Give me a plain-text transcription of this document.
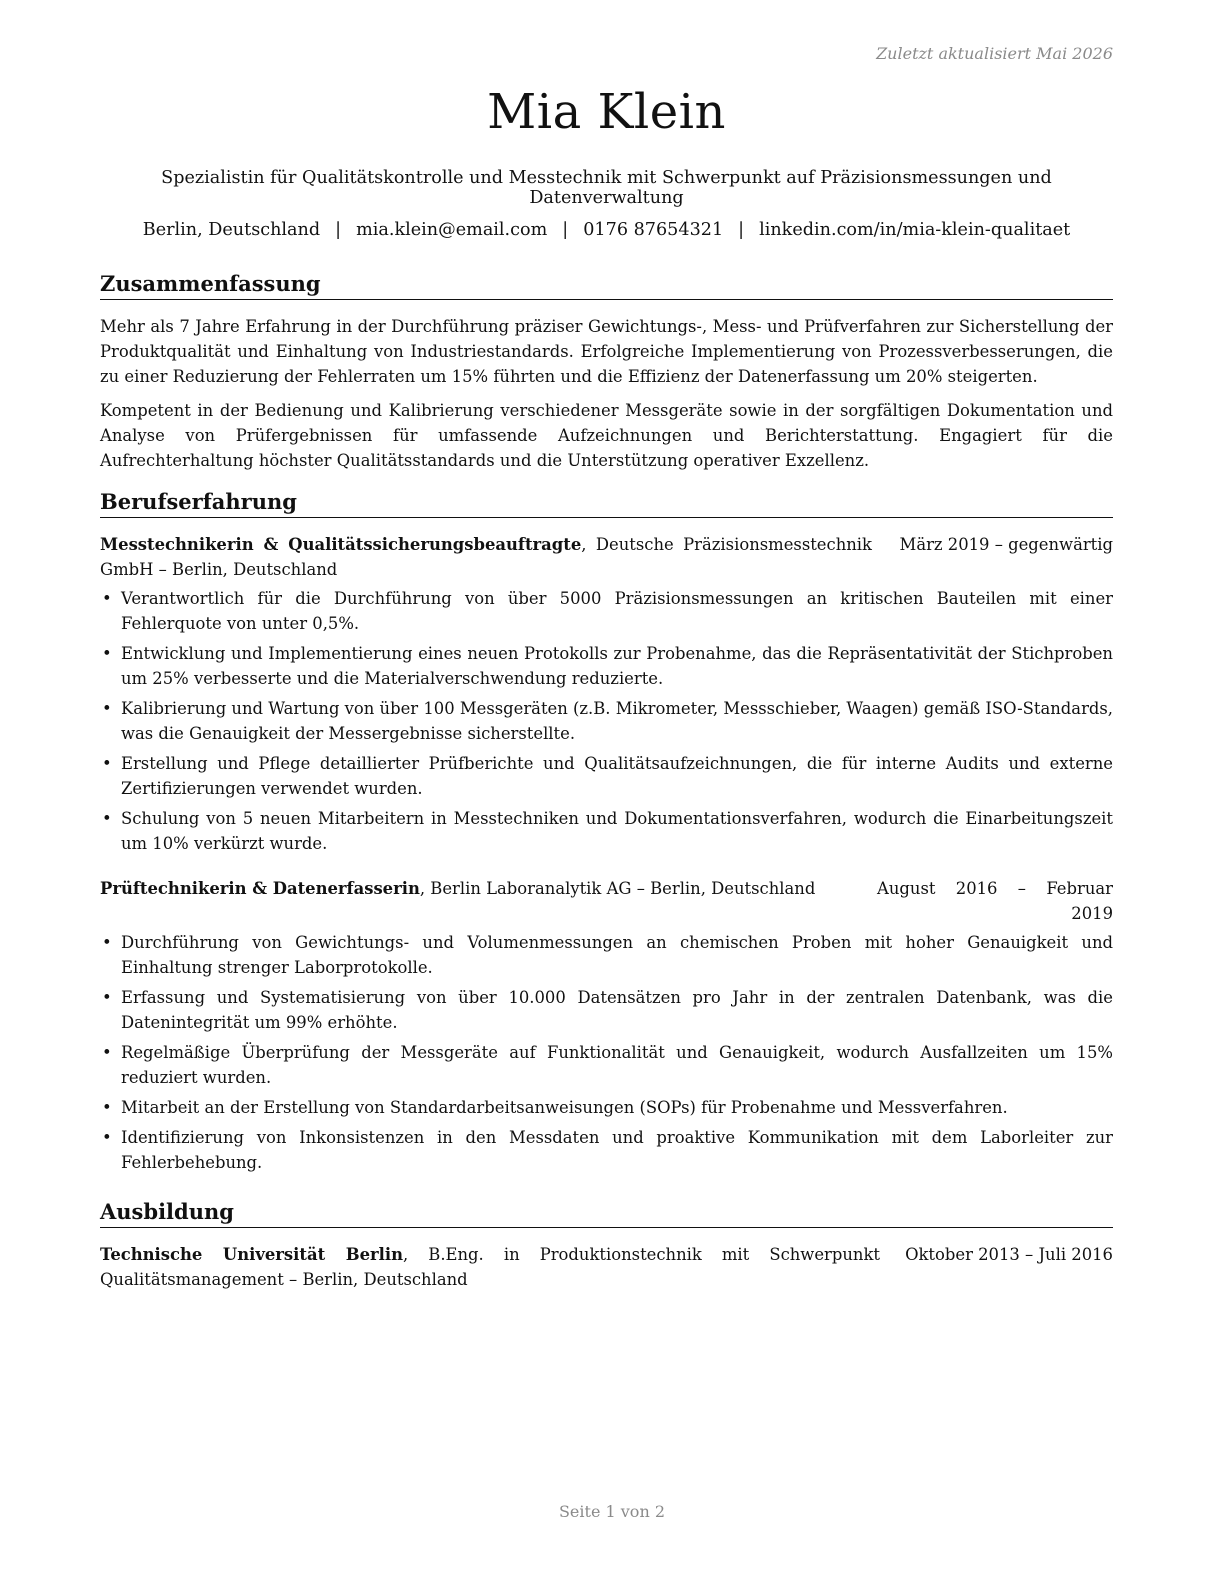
Zuletzt aktualisiert Mai 2026
Mia Klein
Spezialistin für Qualitätskontrolle und Messtechnik mit Schwerpunkt auf Präzisionsmessungen und Datenverwaltung
Berlin, Deutschland | mia.klein@email.com | 0176 87654321 | linkedin.com/in/mia-klein-qualitaet
Zusammenfassung

Mehr als 7 Jahre Erfahrung in der Durchführung präziser Gewichtungs-, Mess- und Prüfverfahren zur Sicherstellung der Produktqualität und Einhaltung von Industriestandards. Erfolgreiche Implementierung von Prozessverbesserungen, die zu einer Reduzierung der Fehlerraten um 15% führten und die Effizienz der Datenerfassung um 20% steigerten.

Kompetent in der Bedienung und Kalibrierung verschiedener Messgeräte sowie in der sorgfältigen Dokumentation und Analyse von Prüfergebnissen für umfassende Aufzeichnungen und Berichterstattung. Engagiert für die Aufrechterhaltung höchster Qualitätsstandards und die Unterstützung operativer Exzellenz.

Berufserfahrung
Messtechnikerin & Qualitätssicherungsbeauftragte, Deutsche Präzisionsmesstechnik GmbH – Berlin, Deutschland
März 2019 – gegenwärtig
• Verantwortlich für die Durchführung von über 5000 Präzisionsmessungen an kritischen Bauteilen mit einer Fehlerquote von unter 0,5%.
• Entwicklung und Implementierung eines neuen Protokolls zur Probenahme, das die Repräsentativität der Stichproben um 25% verbesserte und die Materialverschwendung reduzierte.
• Kalibrierung und Wartung von über 100 Messgeräten (z.B. Mikrometer, Messschieber, Waagen) gemäß ISO-Standards, was die Genauigkeit der Messergebnisse sicherstellte.
• Erstellung und Pflege detaillierter Prüfberichte und Qualitätsaufzeichnungen, die für interne Audits und externe Zertifizierungen verwendet wurden.
• Schulung von 5 neuen Mitarbeitern in Messtechniken und Dokumentationsverfahren, wodurch die Einarbeitungszeit um 10% verkürzt wurde.
Prüftechnikerin & Datenerfasserin, Berlin Laboranalytik AG – Berlin, Deutschland	August 2016 – Februar 2019
• Durchführung von Gewichtungs- und Volumenmessungen an chemischen Proben mit hoher Genauigkeit und Einhaltung strenger Laborprotokolle.
• Erfassung und Systematisierung von über 10.000 Datensätzen pro Jahr in der zentralen Datenbank, was die Datenintegrität um 99% erhöhte.
• Regelmäßige Überprüfung der Messgeräte auf Funktionalität und Genauigkeit, wodurch Ausfallzeiten um 15% reduziert wurden.
• Mitarbeit an der Erstellung von Standardarbeitsanweisungen (SOPs) für Probenahme und Messverfahren.
• Identifizierung von Inkonsistenzen in den Messdaten und proaktive Kommunikation mit dem Laborleiter zur Fehlerbehebung.
Ausbildung
Technische Universität Berlin, B.Eng. in Produktionstechnik mit Schwerpunkt Qualitätsmanagement – Berlin, Deutschland
Oktober 2013 – Juli 2016
Seite 1 von 2
